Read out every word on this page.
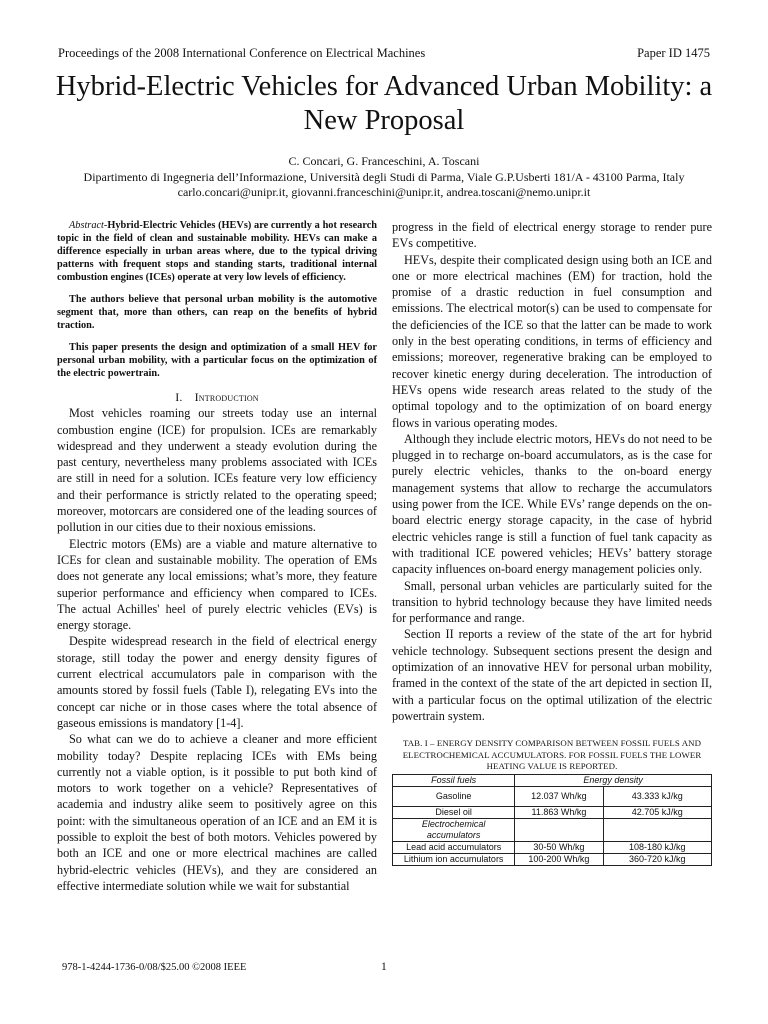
Proceedings of the 2008 International Conference on Electrical Machines	Paper ID 1475
Hybrid-Electric Vehicles for Advanced Urban Mobility: a New Proposal
C. Concari, G. Franceschini, A. Toscani
Dipartimento di Ingegneria dell’Informazione, Università degli Studi di Parma, Viale G.P.Usberti 181/A - 43100 Parma, Italy
carlo.concari@unipr.it, giovanni.franceschini@unipr.it, andrea.toscani@nemo.unipr.it

Abstract-Hybrid-Electric Vehicles (HEVs) are currently a hot research topic in the field of clean and sustainable mobility. HEVs can make a difference especially in urban areas where, due to the typical driving patterns with frequent stops and standing starts, traditional internal combustion engines (ICEs) operate at very low levels of efficiency.

The authors believe that personal urban mobility is the automotive segment that, more than others, can reap on the benefits of hybrid traction.

This paper presents the design and optimization of a small HEV for personal urban mobility, with a particular focus on the optimization of the electric powertrain.

I. Introduction

Most vehicles roaming our streets today use an internal combustion engine (ICE) for propulsion. ICEs are remarkably widespread and they underwent a steady evolution during the past century, nevertheless many problems associated with ICEs are still in need for a solution. ICEs feature very low efficiency and their performance is strictly related to the operating speed; moreover, motorcars are considered one of the leading sources of pollution in our cities due to their noxious emissions.

Electric motors (EMs) are a viable and mature alternative to ICEs for clean and sustainable mobility. The operation of EMs does not generate any local emissions; what’s more, they feature superior performance and efficiency when compared to ICEs. The actual Achilles' heel of purely electric vehicles (EVs) is energy storage.

Despite widespread research in the field of electrical energy storage, still today the power and energy density figures of current electrical accumulators pale in comparison with the amounts stored by fossil fuels (Table I), relegating EVs into the concept car niche or in those cases where the total absence of gaseous emissions is mandatory [1-4].

So what can we do to achieve a cleaner and more efficient mobility today? Despite replacing ICEs with EMs being currently not a viable option, is it possible to put both kind of motors to work together on a vehicle? Representatives of academia and industry alike seem to positively agree on this point: with the simultaneous operation of an ICE and an EM it is possible to exploit the best of both motors. Vehicles powered by both an ICE and one or more electrical machines are called hybrid-electric vehicles (HEVs), and they are considered an effective intermediate solution while we wait for substantial

progress in the field of electrical energy storage to render pure EVs competitive.

HEVs, despite their complicated design using both an ICE and one or more electrical machines (EM) for traction, hold the promise of a drastic reduction in fuel consumption and emissions. The electrical motor(s) can be used to compensate for the deficiencies of the ICE so that the latter can be made to work only in the best operating conditions, in terms of efficiency and emissions; moreover, regenerative braking can be employed to recover kinetic energy during deceleration. The introduction of HEVs opens wide research areas related to the study of the optimal topology and to the optimization of on board energy flows in various operating modes.

Although they include electric motors, HEVs do not need to be plugged in to recharge on-board accumulators, as is the case for purely electric vehicles, thanks to the on-board energy management systems that allow to recharge the accumulators using power from the ICE. While EVs’ range depends on the on-board electric energy storage capacity, in the case of hybrid electric vehicles range is still a function of fuel tank capacity as with traditional ICE powered vehicles; HEVs’ battery storage capacity influences on-board energy management policies only.

Small, personal urban vehicles are particularly suited for the transition to hybrid technology because they have limited needs for performance and range.

Section II reports a review of the state of the art for hybrid vehicle technology. Subsequent sections present the design and optimization of an innovative HEV for personal urban mobility, framed in the context of the state of the art depicted in section II, with a particular focus on the optimal utilization of the electric powertrain system.

TAB. I – ENERGY DENSITY COMPARISON BETWEEN FOSSIL FUELS AND ELECTROCHEMICAL ACCUMULATORS. FOR FOSSIL FUELS THE LOWER HEATING VALUE IS REPORTED.
Fossil fuels	Energy density	
Gasoline	12.037 Wh/kg	43.333 kJ/kg
Diesel oil	11.863 Wh/kg	42.705 kJ/kg
Electrochemical accumulators		
Lead acid accumulators	30-50 Wh/kg	108-180 kJ/kg
Lithium ion accumulators	100-200 Wh/kg	360-720 kJ/kg
978-1-4244-1736-0/08/$25.00 ©2008 IEEE	1
